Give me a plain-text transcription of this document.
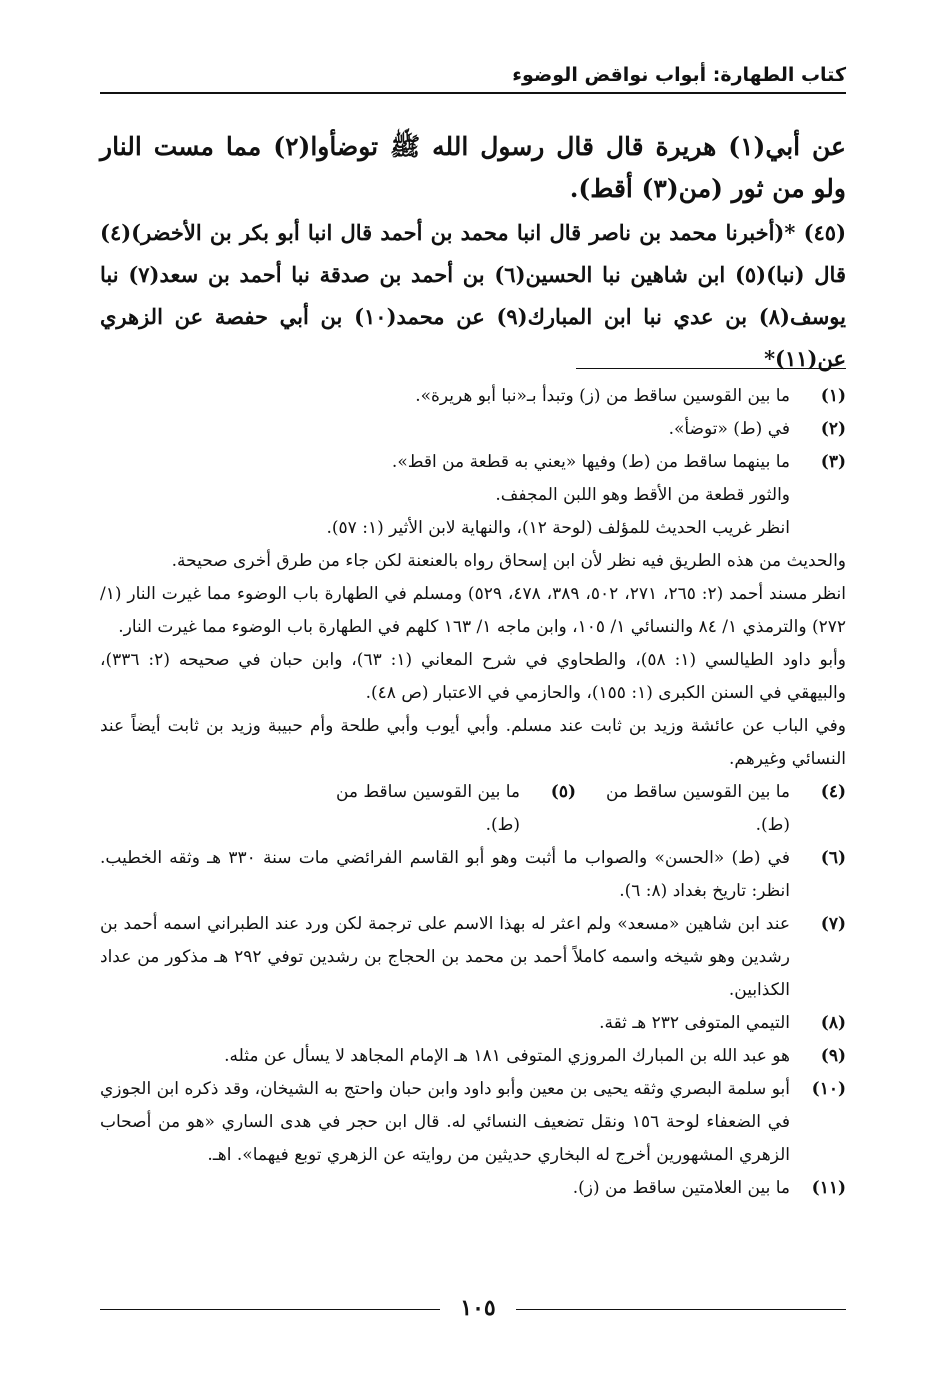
كتاب الطهارة: أبواب نواقض الوضوء

عن أبي(١) هريرة قال قال رسول الله ﷺ توضأوا(٢) مما مست النار ولو من ثور (من(٣) أقط).

(٤٥) *(أخبرنا محمد بن ناصر قال انبا محمد بن أحمد قال انبا أبو بكر بن الأخضر)(٤) قال (نبا)(٥) ابن شاهين نبا الحسين(٦) بن أحمد بن صدقة نبا أحمد بن سعد(٧) نبا يوسف(٨) بن عدي نبا ابن المبارك(٩) عن محمد(١٠) بن أبي حفصة عن الزهري عن(١١)*

(١)

ما بين القوسين ساقط من (ز) وتبدأ بـ«نبا أبو هريرة».

(٢)

في (ط) «توضأ».

(٣)

ما بينهما ساقط من (ط) وفيها «يعني به قطعة من اقط».

والثور قطعة من الأقط وهو اللبن المجفف.

انظر غريب الحديث للمؤلف (لوحة ١٢)، والنهاية لابن الأثير (١: ٥٧).

والحديث من هذه الطريق فيه نظر لأن ابن إسحاق رواه بالعنعنة لكن جاء من طرق أخرى صحيحة.

انظر مسند أحمد (٢: ٢٦٥، ٢٧١، ٥٠٢، ٣٨٩، ٤٧٨، ٥٢٩) ومسلم في الطهارة باب الوضوء مما غيرت النار (١/ ٢٧٢) والترمذي ١/ ٨٤ والنسائي ١/ ١٠٥، وابن ماجه ١/ ١٦٣ كلهم في الطهارة باب الوضوء مما غيرت النار.

وأبو داود الطيالسي (١: ٥٨)، والطحاوي في شرح المعاني (١: ٦٣)، وابن حبان في صحيحه (٢: ٣٣٦)، والبيهقي في السنن الكبرى (١: ١٥٥)، والحازمي في الاعتبار (ص ٤٨).

وفي الباب عن عائشة وزيد بن ثابت عند مسلم. وأبي أيوب وأبي طلحة وأم حبيبة وزيد بن ثابت أيضاً عند النسائي وغيرهم.

(٤)
ما بين القوسين ساقط من (ط).
(٥)
ما بين القوسين ساقط من (ط).
(٦)

في (ط) «الحسن» والصواب ما أثبت وهو أبو القاسم الفرائضي مات سنة ٣٣٠ هـ وثقه الخطيب. انظر: تاريخ بغداد (٨: ٦).

(٧)

عند ابن شاهين «مسعد» ولم اعثر له بهذا الاسم على ترجمة لكن ورد عند الطبراني اسمه أحمد بن رشدين وهو شيخه واسمه كاملاً أحمد بن محمد بن الحجاج بن رشدين توفي ٢٩٢ هـ مذكور من عداد الكذابين.

(٨)

التيمي المتوفى ٢٣٢ هـ ثقة.

(٩)

هو عبد الله بن المبارك المروزي المتوفى ١٨١ هـ الإمام المجاهد لا يسأل عن مثله.

(١٠)

أبو سلمة البصري وثقه يحيى بن معين وأبو داود وابن حبان واحتج به الشيخان، وقد ذكره ابن الجوزي في الضعفاء لوحة ١٥٦ ونقل تضعيف النسائي له. قال ابن حجر في هدى الساري «هو من أصحاب الزهري المشهورين أخرج له البخاري حديثين من روايته عن الزهري توبع فيهما». اهـ.

(١١)

ما بين العلامتين ساقط من (ز).

١٠٥
